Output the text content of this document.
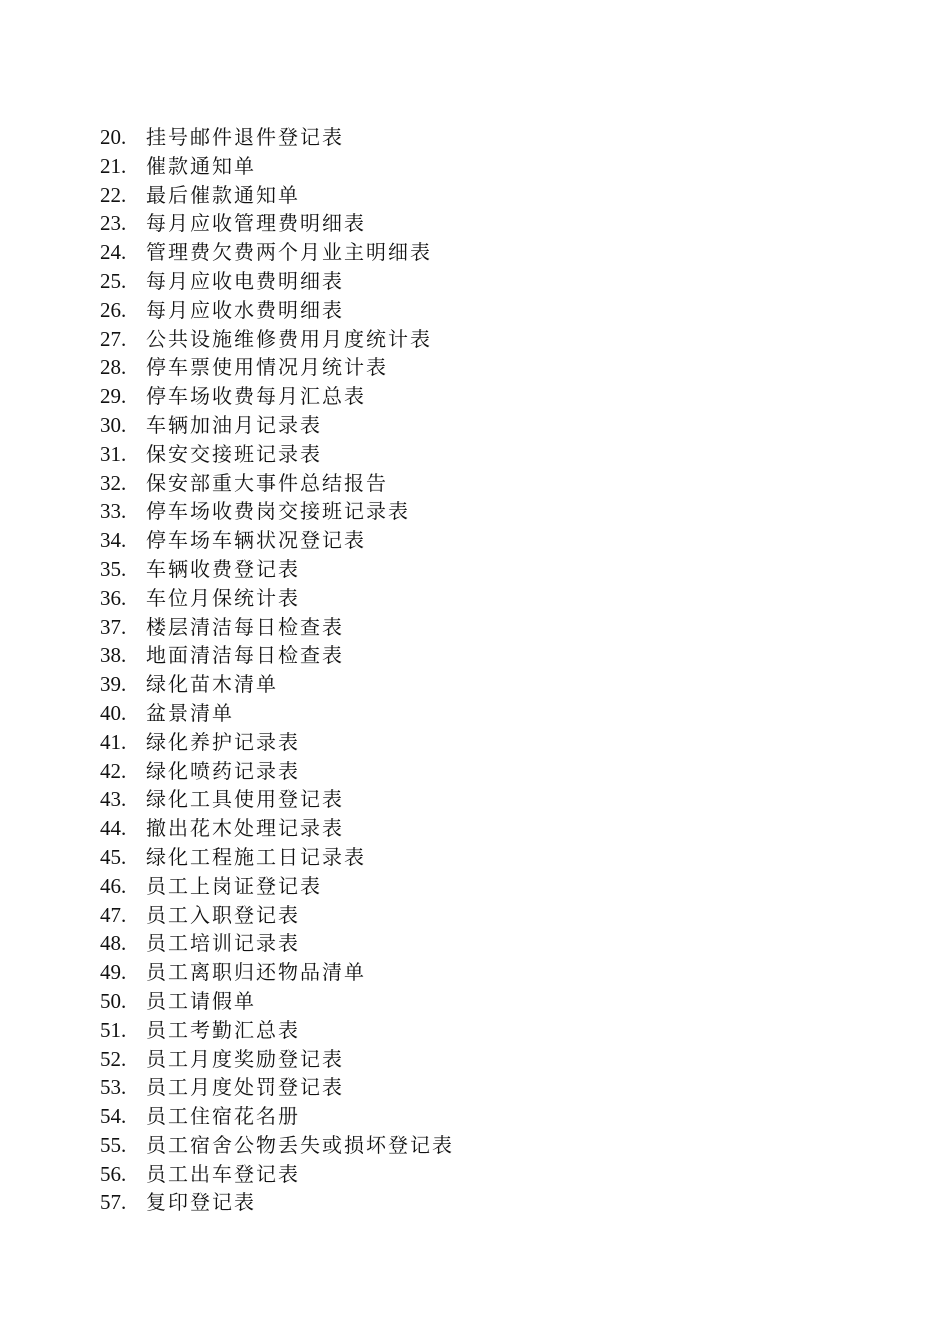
20. 挂号邮件退件登记表
21. 催款通知单
22. 最后催款通知单
23. 每月应收管理费明细表
24. 管理费欠费两个月业主明细表
25. 每月应收电费明细表
26. 每月应收水费明细表
27. 公共设施维修费用月度统计表
28. 停车票使用情况月统计表
29. 停车场收费每月汇总表
30. 车辆加油月记录表
31. 保安交接班记录表
32. 保安部重大事件总结报告
33. 停车场收费岗交接班记录表
34. 停车场车辆状况登记表
35. 车辆收费登记表
36. 车位月保统计表
37. 楼层清洁每日检查表
38. 地面清洁每日检查表
39. 绿化苗木清单
40. 盆景清单
41. 绿化养护记录表
42. 绿化喷药记录表
43. 绿化工具使用登记表
44. 撤出花木处理记录表
45. 绿化工程施工日记录表
46. 员工上岗证登记表
47. 员工入职登记表
48. 员工培训记录表
49. 员工离职归还物品清单
50. 员工请假单
51. 员工考勤汇总表
52. 员工月度奖励登记表
53. 员工月度处罚登记表
54. 员工住宿花名册
55. 员工宿舍公物丢失或损坏登记表
56. 员工出车登记表
57. 复印登记表
